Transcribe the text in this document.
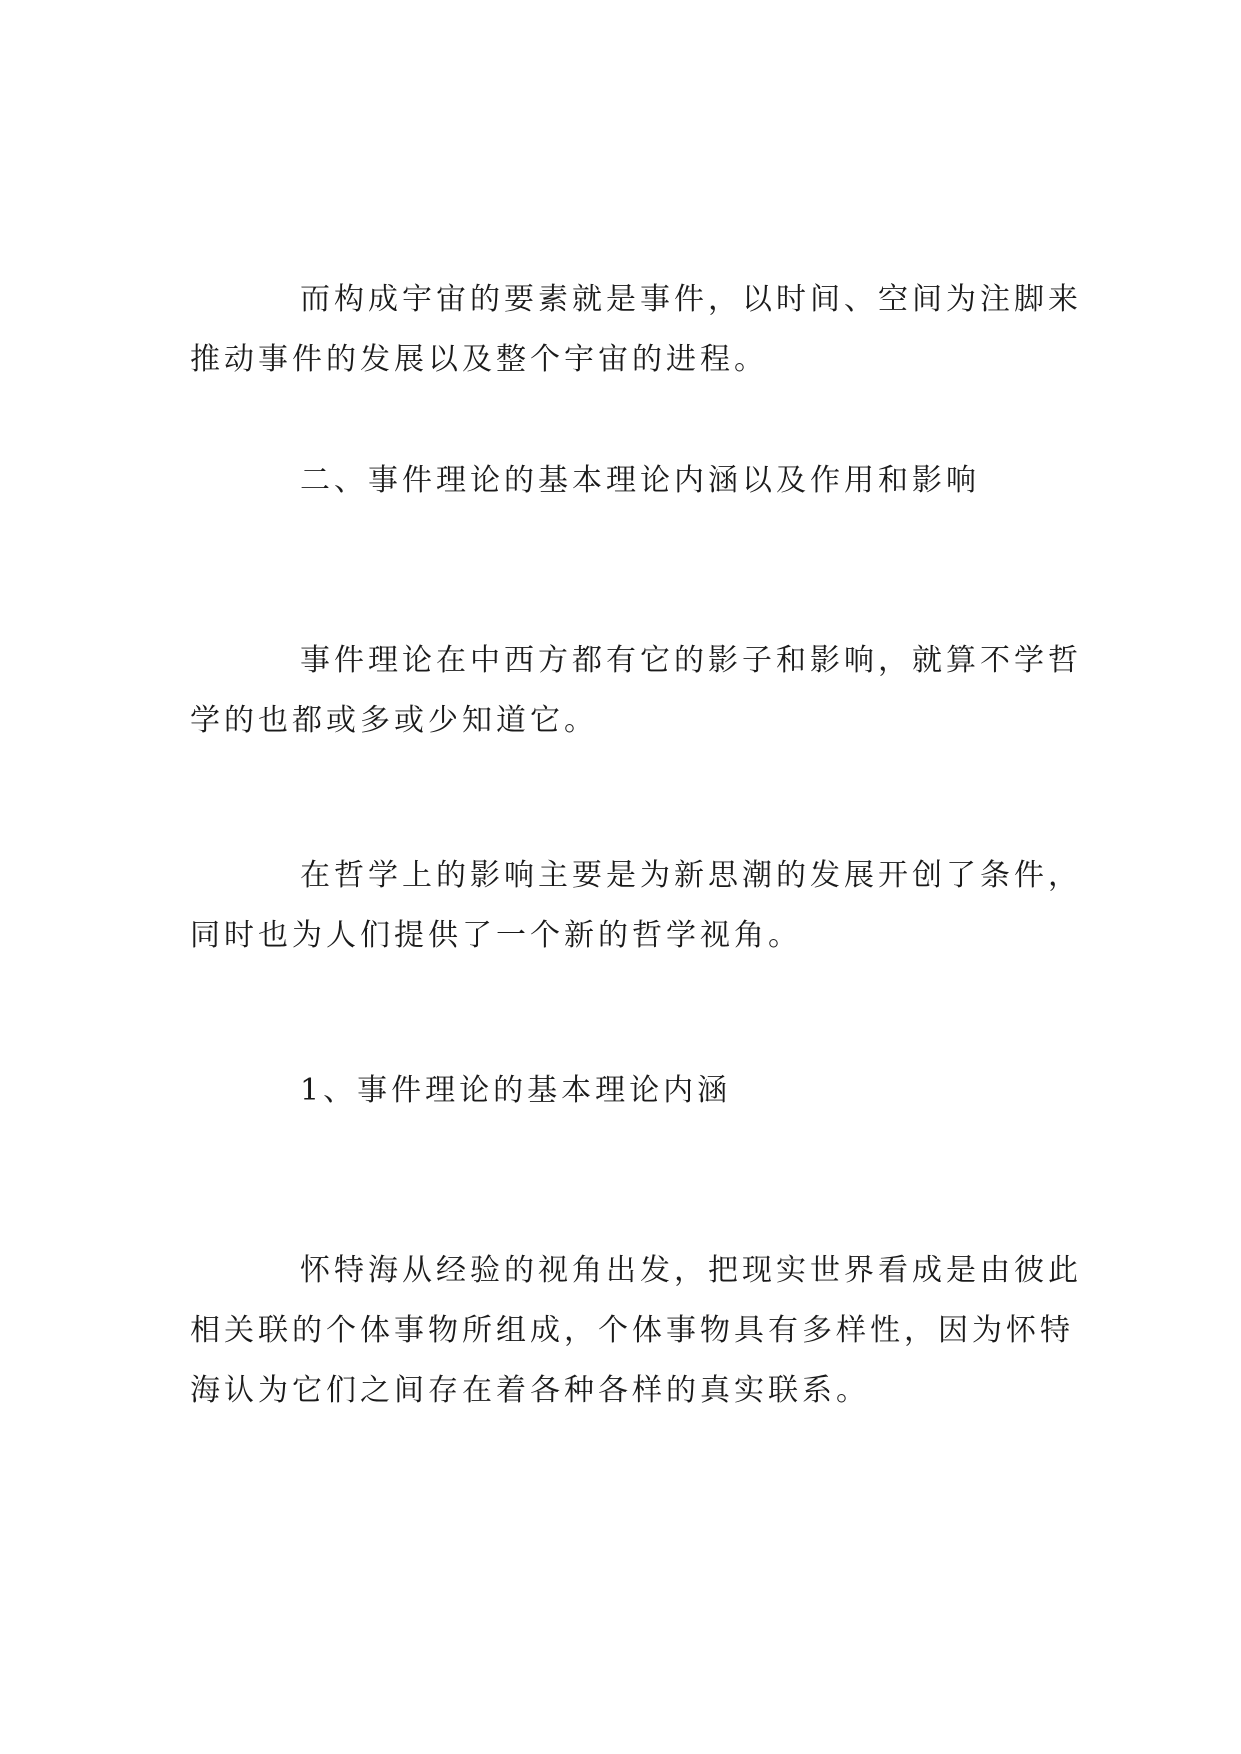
而构成宇宙的要素就是事件，以时间、空间为注脚来
推动事件的发展以及整个宇宙的进程。

二、事件理论的基本理论内涵以及作用和影响

事件理论在中西方都有它的影子和影响，就算不学哲
学的也都或多或少知道它。

在哲学上的影响主要是为新思潮的发展开创了条件，
同时也为人们提供了一个新的哲学视角。

1、事件理论的基本理论内涵

怀特海从经验的视角出发，把现实世界看成是由彼此
相关联的个体事物所组成，个体事物具有多样性，因为怀特
海认为它们之间存在着各种各样的真实联系。
